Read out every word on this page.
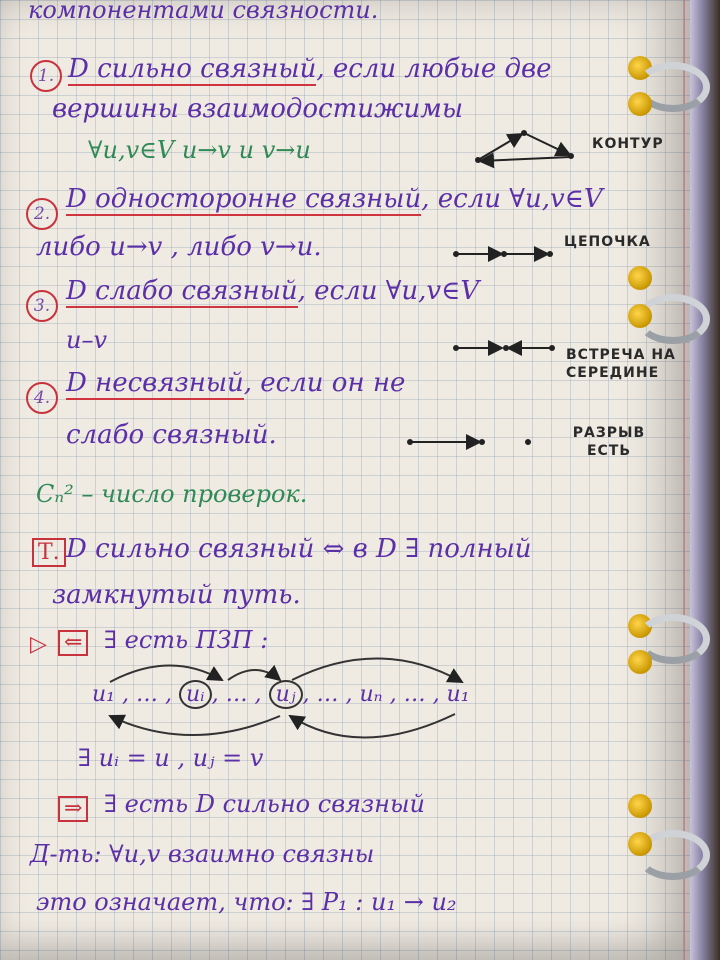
компонентами связности.
1. D сильно связный, если любые две
вершины взаимодостижимы
∀u,v∈V u→v и v→u	КОНТУР
2. D односторонне связный, если ∀u,v∈V
либо u→v , либо v→u.	ЦЕПОЧКА
3. D слабо связный, если ∀u,v∈V
u–v
ВСТРЕЧА НА СЕРЕДИНЕ
4. D несвязный, если он не
слабо связный.	РАЗРЫВ ЕСТЬ
Cₙ² – число проверок.
Т. D сильно связный ⇔ в D ∃ полный
замкнутый путь.
▷ ⇐ ∃ есть ПЗП :
u₁ , … , uᵢ , … , uⱼ , … , uₙ , … , u₁
∃ uᵢ = u , uⱼ = v
⇒ ∃ есть D сильно связный
Д-ть: ∀u,v взаимно связны
это означает, что: ∃ P₁ : u₁ → u₂
